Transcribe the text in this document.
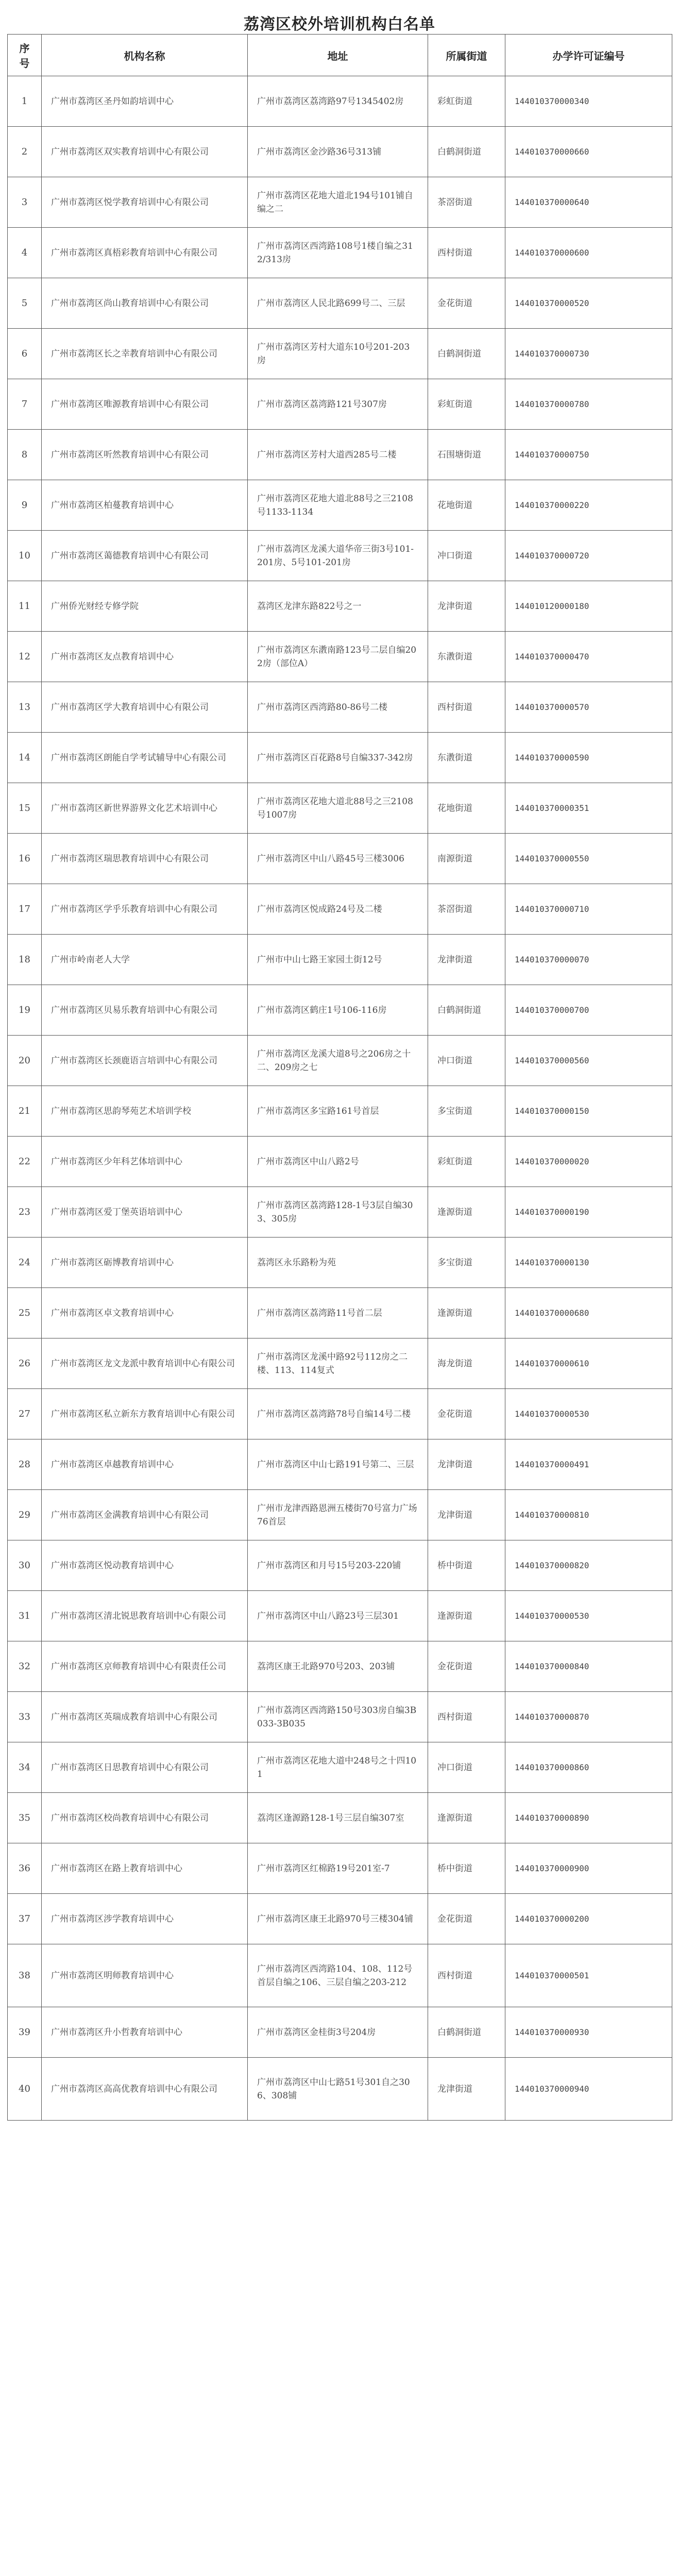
荔湾区校外培训机构白名单
序号	机构名称	地址	所属街道	办学许可证编号
1	广州市荔湾区圣丹如韵培训中心	广州市荔湾区荔湾路97号1345402房	彩虹街道	144010370000340
2	广州市荔湾区双实教育培训中心有限公司	广州市荔湾区金沙路36号313铺	白鹤洞街道	144010370000660
3	广州市荔湾区悦学教育培训中心有限公司	广州市荔湾区花地大道北194号101铺自编之二	茶滘街道	144010370000640
4	广州市荔湾区真梧彩教育培训中心有限公司	广州市荔湾区西湾路108号1楼自编之312/313房	西村街道	144010370000600
5	广州市荔湾区尚山教育培训中心有限公司	广州市荔湾区人民北路699号二、三层	金花街道	144010370000520
6	广州市荔湾区长之幸教育培训中心有限公司	广州市荔湾区芳村大道东10号201-203房	白鹤洞街道	144010370000730
7	广州市荔湾区唯源教育培训中心有限公司	广州市荔湾区荔湾路121号307房	彩虹街道	144010370000780
8	广州市荔湾区听然教育培训中心有限公司	广州市荔湾区芳村大道西285号二楼	石围塘街道	144010370000750
9	广州市荔湾区柏蔓教育培训中心	广州市荔湾区花地大道北88号之三2108号1133-1134	花地街道	144010370000220
10	广州市荔湾区蔼德教育培训中心有限公司	广州市荔湾区龙溪大道华帝三街3号101-201房、5号101-201房	冲口街道	144010370000720
11	广州侨光财经专修学院	荔湾区龙津东路822号之一	龙津街道	144010120000180
12	广州市荔湾区友点教育培训中心	广州市荔湾区东漖南路123号二层自编202房（部位A）	东漖街道	144010370000470
13	广州市荔湾区学大教育培训中心有限公司	广州市荔湾区西湾路80-86号二楼	西村街道	144010370000570
14	广州市荔湾区朗能自学考试辅导中心有限公司	广州市荔湾区百花路8号自编337-342房	东漖街道	144010370000590
15	广州市荔湾区新世界游界文化艺术培训中心	广州市荔湾区花地大道北88号之三2108号1007房	花地街道	144010370000351
16	广州市荔湾区瑞思教育培训中心有限公司	广州市荔湾区中山八路45号三楼3006	南源街道	144010370000550
17	广州市荔湾区学乎乐教育培训中心有限公司	广州市荔湾区悦成路24号及二楼	茶滘街道	144010370000710
18	广州市岭南老人大学	广州市中山七路王家园土街12号	龙津街道	144010370000070
19	广州市荔湾区贝易乐教育培训中心有限公司	广州市荔湾区鹤庄1号106-116房	白鹤洞街道	144010370000700
20	广州市荔湾区长颈鹿语言培训中心有限公司	广州市荔湾区龙溪大道8号之206房之十二、209房之七	冲口街道	144010370000560
21	广州市荔湾区思韵琴苑艺术培训学校	广州市荔湾区多宝路161号首层	多宝街道	144010370000150
22	广州市荔湾区少年科艺体培训中心	广州市荔湾区中山八路2号	彩虹街道	144010370000020
23	广州市荔湾区爱丁堡英语培训中心	广州市荔湾区荔湾路128-1号3层自编303、305房	逢源街道	144010370000190
24	广州市荔湾区砺博教育培训中心	荔湾区永乐路粉为苑	多宝街道	144010370000130
25	广州市荔湾区卓文教育培训中心	广州市荔湾区荔湾路11号首二层	逢源街道	144010370000680
26	广州市荔湾区龙文龙派中教育培训中心有限公司	广州市荔湾区龙溪中路92号112房之二楼、113、114复式	海龙街道	144010370000610
27	广州市荔湾区私立新东方教育培训中心有限公司	广州市荔湾区荔湾路78号自编14号二楼	金花街道	144010370000530
28	广州市荔湾区卓越教育培训中心	广州市荔湾区中山七路191号第二、三层	龙津街道	144010370000491
29	广州市荔湾区金满教育培训中心有限公司	广州市龙津西路恩洲五楼街70号富力广场76首层	龙津街道	144010370000810
30	广州市荔湾区悦动教育培训中心	广州市荔湾区和月号15号203-220铺	桥中街道	144010370000820
31	广州市荔湾区清北锐思教育培训中心有限公司	广州市荔湾区中山八路23号三层301	逢源街道	144010370000530
32	广州市荔湾区京师教育培训中心有限责任公司	荔湾区康王北路970号203、203铺	金花街道	144010370000840
33	广州市荔湾区英瑞成教育培训中心有限公司	广州市荔湾区西湾路150号303房自编3B033-3B035	西村街道	144010370000870
34	广州市荔湾区日思教育培训中心有限公司	广州市荔湾区花地大道中248号之十四101	冲口街道	144010370000860
35	广州市荔湾区校尚教育培训中心有限公司	荔湾区逢源路128-1号三层自编307室	逢源街道	144010370000890
36	广州市荔湾区在路上教育培训中心	广州市荔湾区红棉路19号201室-7	桥中街道	144010370000900
37	广州市荔湾区涉学教育培训中心	广州市荔湾区康王北路970号三楼304铺	金花街道	144010370000200
38	广州市荔湾区明师教育培训中心	广州市荔湾区西湾路104、108、112号首层自编之106、三层自编之203-212	西村街道	144010370000501
39	广州市荔湾区升小哲教育培训中心	广州市荔湾区金桂街3号204房	白鹤洞街道	144010370000930
40	广州市荔湾区高高优教育培训中心有限公司	广州市荔湾区中山七路51号301自之306、308铺	龙津街道	144010370000940
